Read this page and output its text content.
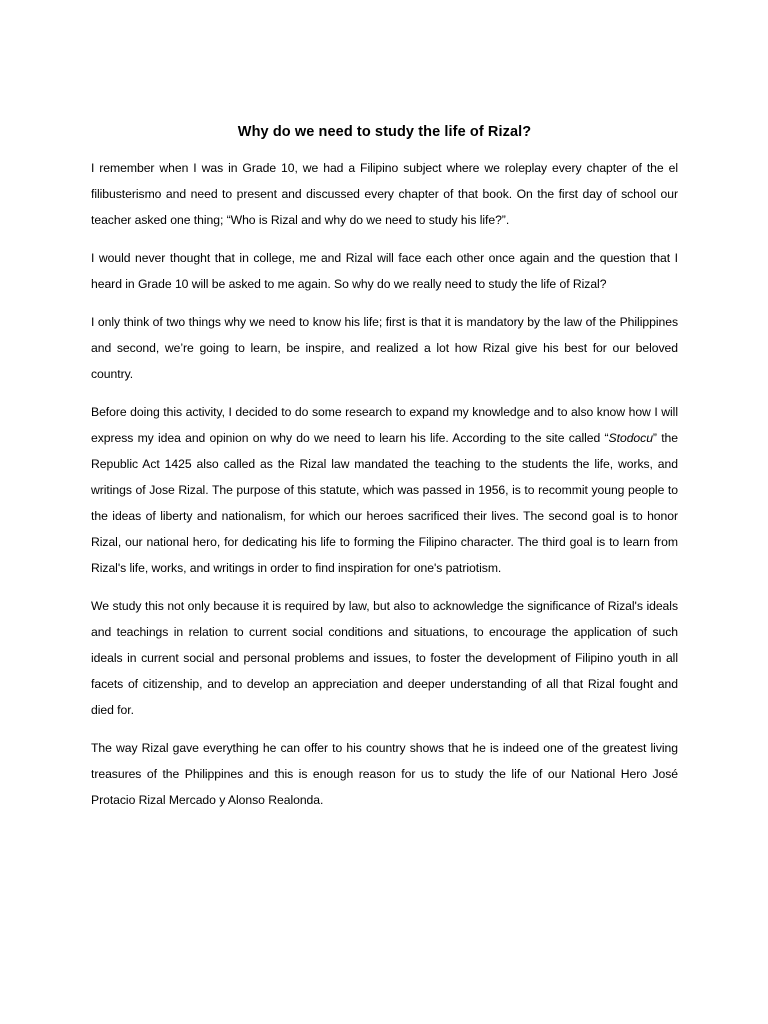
Why do we need to study the life of Rizal?

I remember when I was in Grade 10, we had a Filipino subject where we roleplay every chapter of the el filibusterismo and need to present and discussed every chapter of that book. On the first day of school our teacher asked one thing; “Who is Rizal and why do we need to study his life?”.

I would never thought that in college, me and Rizal will face each other once again and the question that I heard in Grade 10 will be asked to me again. So why do we really need to study the life of Rizal?

I only think of two things why we need to know his life; first is that it is mandatory by the law of the Philippines and second, we’re going to learn, be inspire, and realized a lot how Rizal give his best for our beloved country.

Before doing this activity, I decided to do some research to expand my knowledge and to also know how I will express my idea and opinion on why do we need to learn his life. According to the site called “Stodocu” the Republic Act 1425 also called as the Rizal law mandated the teaching to the students the life, works, and writings of Jose Rizal. The purpose of this statute, which was passed in 1956, is to recommit young people to the ideas of liberty and nationalism, for which our heroes sacrificed their lives. The second goal is to honor Rizal, our national hero, for dedicating his life to forming the Filipino character. The third goal is to learn from Rizal's life, works, and writings in order to find inspiration for one's patriotism.

We study this not only because it is required by law, but also to acknowledge the significance of Rizal's ideals and teachings in relation to current social conditions and situations, to encourage the application of such ideals in current social and personal problems and issues, to foster the development of Filipino youth in all facets of citizenship, and to develop an appreciation and deeper understanding of all that Rizal fought and died for.

The way Rizal gave everything he can offer to his country shows that he is indeed one of the greatest living treasures of the Philippines and this is enough reason for us to study the life of our National Hero José Protacio Rizal Mercado y Alonso Realonda.
